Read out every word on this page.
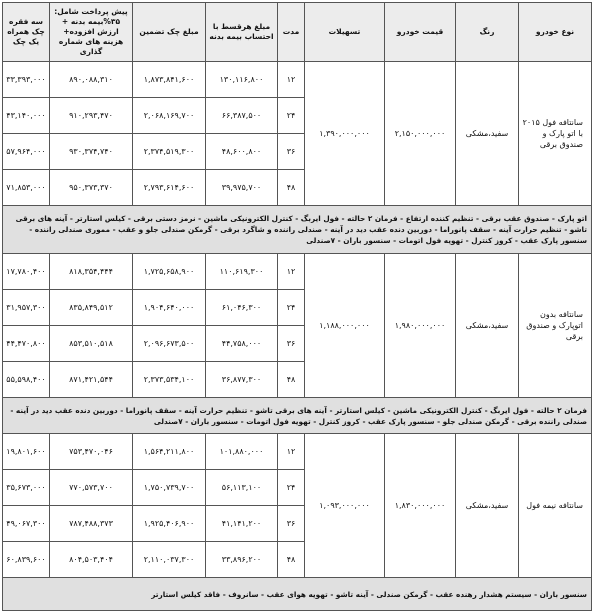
نوع خودرو	رنگ	قیمت خودرو	تسهیلات	مدت	مبلغ هرقسط با احتساب بیمه بدنه	مبلغ چک تضمین	پیش پرداخت شامل: ۳۵%بیمه بدنه + ارزش افزوده+ هزینه های شماره گذاری	سه فقره چک همراه یک چک
سانتافه فول ۲۰۱۵ با اتو پارک و صندوق برقی	سفید،مشکی	۲,۱۵۰,۰۰۰,۰۰۰	۱,۳۹۰,۰۰۰,۰۰۰	۱۲	۱۳۰,۱۱۶,۸۰۰	۱,۸۷۳,۸۴۱,۶۰۰	۸۹۰,۰۸۸,۳۱۰	۳۳,۳۹۳,۰۰۰
				۲۴	۶۶,۳۸۷,۵۰۰	۲,۰۶۸,۱۶۹,۷۰۰	۹۱۰,۲۹۳,۴۷۰	۴۳,۱۴۰,۰۰۰
				۳۶	۴۸,۶۰۰,۸۰۰	۲,۳۷۴,۵۱۹,۳۰۰	۹۳۰,۳۷۴,۷۴۰	۵۷,۹۶۴,۰۰۰
				۴۸	۳۹,۹۷۵,۷۰۰	۲,۷۹۳,۶۱۴,۶۰۰	۹۵۰,۳۷۳,۳۷۰	۷۱,۸۵۳,۰۰۰
اتو پارک - صندوق عقب برقی - تنظیم کننده ارتفاع - فرمان ۲ حالته - فول ایربگ - کنترل الکترونیکی ماشین - نرمز دستی برقی - کیلس استارتر - آینه های برقی تاشو - تنظیم حرارت آینه - سقف پانوراما - دوربین دنده عقب دید در آینه - صندلی راننده و شاگرد برقی - گرمکن صندلی جلو و عقب - مموری صندلی راننده - سنسور پارک عقب - کروز کنترل - تهویه فول اتومات - سنسور باران - ۷صندلی								
سانتافه بدون اتوپارک و صندوق برقی	سفید،مشکی	۱,۹۸۰,۰۰۰,۰۰۰	۱,۱۸۸,۰۰۰,۰۰۰	۱۲	۱۱۰,۶۱۹,۳۰۰	۱,۷۲۵,۶۵۸,۹۰۰	۸۱۸,۳۵۴,۴۴۴	۱۷,۷۸۰,۴۰۰
				۲۴	۶۱,۰۴۶,۳۰۰	۱,۹۰۴,۶۴۰,۰۰۰	۸۳۵,۸۴۹,۵۱۲	۳۱,۹۵۷,۳۰۰
				۳۶	۴۴,۷۵۸,۰۰۰	۲,۰۹۶,۶۷۳,۵۰۰	۸۵۳,۵۱۰,۵۱۸	۴۴,۴۷۰,۸۰۰
				۴۸	۳۶,۸۷۷,۳۰۰	۲,۳۷۳,۵۳۴,۱۰۰	۸۷۱,۴۲۱,۵۴۴	۵۵,۵۹۸,۴۰۰
فرمان ۲ حالته - فول ایربگ - کنترل الکترونیکی ماشین - کیلس استارتر - آینه های برقی تاشو - تنظیم حرارت آینه - سقف پانوراما - دوربین دنده عقب دید در آینه - صندلی راننده برقی - گرمکن صندلی جلو - سنسور پارک عقب - کروز کنترل - تهویه فول اتومات - سنسور باران - ۷صندلی								
سانتافه نیمه فول	سفید،مشکی	۱,۸۳۰,۰۰۰,۰۰۰	۱,۰۹۳,۰۰۰,۰۰۰	۱۲	۱۰۱,۸۸۰,۰۰۰	۱,۵۶۴,۲۱۱,۸۰۰	۷۵۳,۴۷۰,۰۴۶	۱۹,۸۰۱,۶۰۰
				۲۴	۵۶,۱۱۳,۱۰۰	۱,۷۵۰,۷۳۹,۷۰۰	۷۷۰,۵۷۳,۷۰۰	۳۵,۶۷۳,۰۰۰
				۳۶	۴۱,۱۴۱,۲۰۰	۱,۹۲۵,۴۰۶,۹۰۰	۷۸۷,۴۸۸,۳۷۳	۴۹,۰۶۷,۳۰۰
				۴۸	۳۳,۸۹۶,۲۰۰	۲,۱۱۰,۰۳۷,۳۰۰	۸۰۴,۵۰۳,۴۰۴	۶۰,۸۳۹,۶۰۰
سنسور باران - سیستم هشدار رهنده عقب - گرمکن صندلی - آینه تاشو - تهویه هوای عقب - سانروف - فاقد کیلس استارتر								
